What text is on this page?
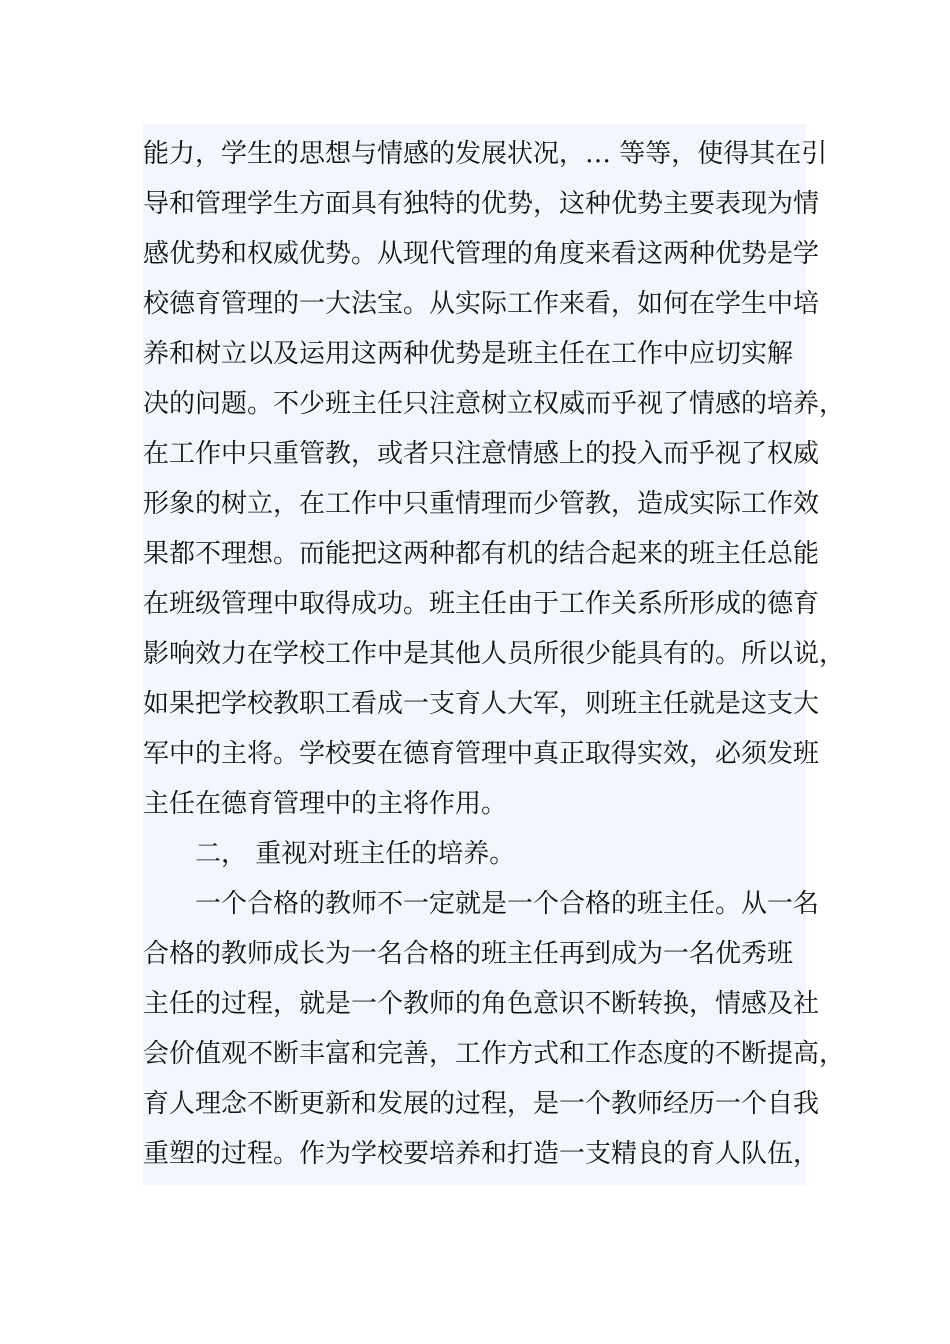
能力，学生的思想与情感的发展状况，… 等等，使得其在引
导和管理学生方面具有独特的优势，这种优势主要表现为情
感优势和权威优势。从现代管理的角度来看这两种优势是学
校德育管理的一大法宝。从实际工作来看，如何在学生中培
养和树立以及运用这两种优势是班主任在工作中应切实解
决的问题。不少班主任只注意树立权威而乎视了情感的培养，
在工作中只重管教，或者只注意情感上的投入而乎视了权威
形象的树立，在工作中只重情理而少管教，造成实际工作效
果都不理想。而能把这两种都有机的结合起来的班主任总能
在班级管理中取得成功。班主任由于工作关系所形成的德育
影响效力在学校工作中是其他人员所很少能具有的。所以说，
如果把学校教职工看成一支育人大军，则班主任就是这支大
军中的主将。学校要在德育管理中真正取得实效，必须发班
主任在德育管理中的主将作用。
　　二， 重视对班主任的培养。
　　一个合格的教师不一定就是一个合格的班主任。从一名
合格的教师成长为一名合格的班主任再到成为一名优秀班
主任的过程，就是一个教师的角色意识不断转换，情感及社
会价值观不断丰富和完善，工作方式和工作态度的不断提高，
育人理念不断更新和发展的过程，是一个教师经历一个自我
重塑的过程。作为学校要培养和打造一支精良的育人队伍，
